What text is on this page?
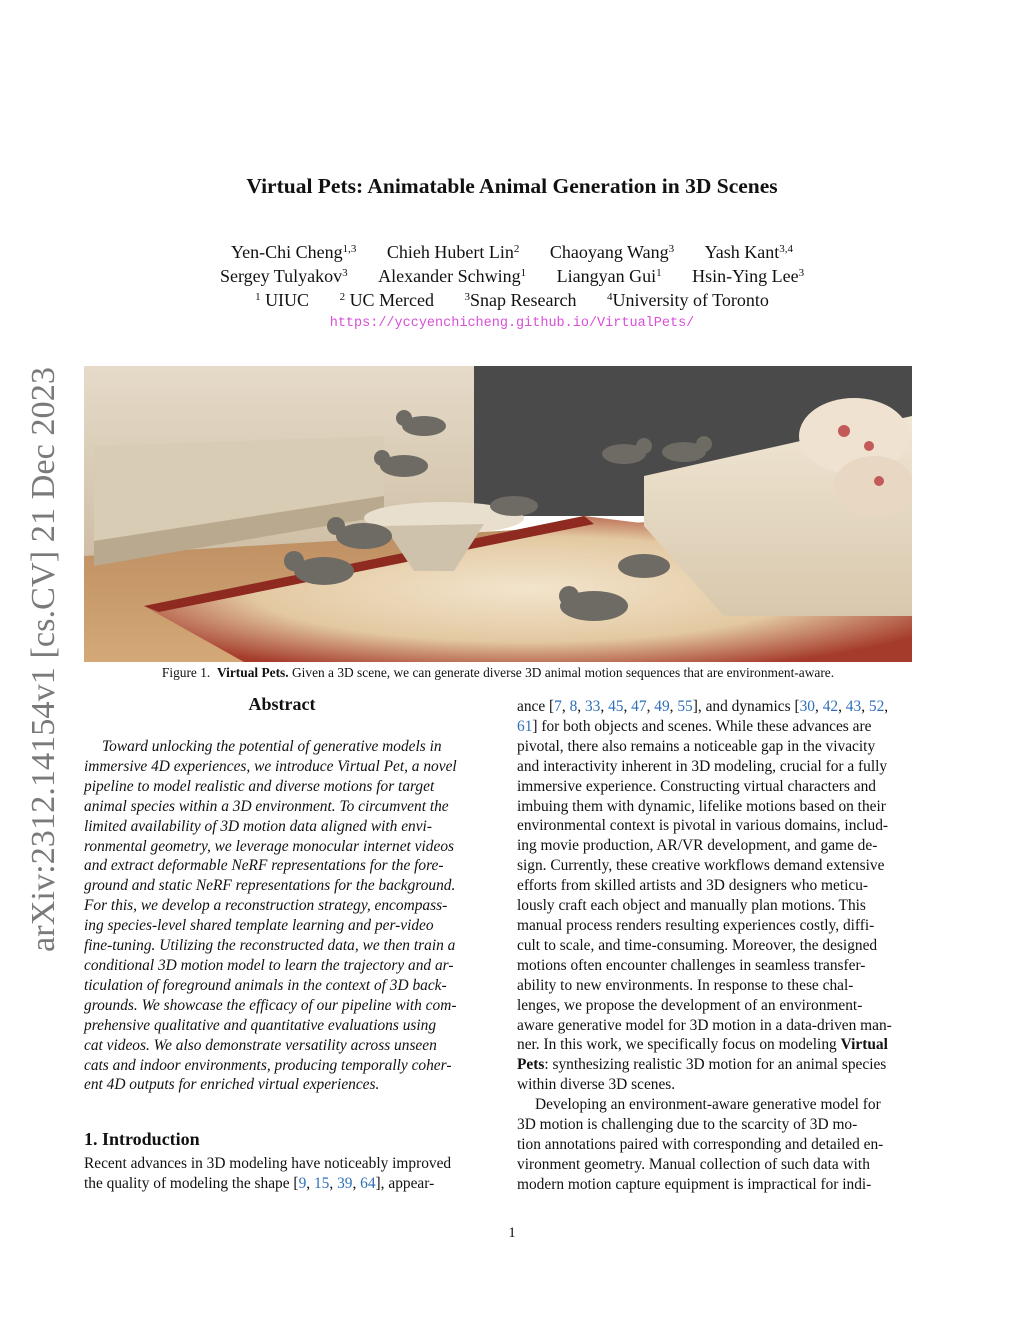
Virtual Pets: Animatable Animal Generation in 3D Scenes
Yen-Chi Cheng$^{1,3}$ Chieh Hubert Lin$^2$ Chaoyang Wang$^3$ Yash Kant$^{3,4}$
Sergey Tulyakov$^3$ Alexander Schwing$^1$ Liangyan Gui$^1$ Hsin-Ying Lee$^3$
$^1$ UIUC	$^2$ UC Merced	$^3$Snap Research	$^4$University of Toronto
https://yccyenchicheng.github.io/VirtualPets/
arXiv:2312.14154v1 [cs.CV] 21 Dec 2023	Figure 1. Virtual Pets. Given a 3D scene, we can generate diverse 3D animal motion sequences that are environment-aware.
Abstract
Toward unlocking the potential of generative models in
immersive 4D experiences, we introduce Virtual Pet, a novel
pipeline to model realistic and diverse motions for target
animal species within a 3D environment. To circumvent the
limited availability of 3D motion data aligned with envi-
ronmental geometry, we leverage monocular internet videos
and extract deformable NeRF representations for the fore-
ground and static NeRF representations for the background.
For this, we develop a reconstruction strategy, encompass-
ing species-level shared template learning and per-video
fine-tuning. Utilizing the reconstructed data, we then train a
conditional 3D motion model to learn the trajectory and ar-
ticulation of foreground animals in the context of 3D back-
grounds. We showcase the efficacy of our pipeline with com-
prehensive qualitative and quantitative evaluations using
cat videos. We also demonstrate versatility across unseen
cats and indoor environments, producing temporally coher-
ent 4D outputs for enriched virtual experiences.
1. Introduction
Recent advances in 3D modeling have noticeably improved
the quality of modeling the shape [9, 15, 39, 64], appear-
ance [7, 8, 33, 45, 47, 49, 55], and dynamics [30, 42, 43, 52,
61] for both objects and scenes. While these advances are
pivotal, there also remains a noticeable gap in the vivacity
and interactivity inherent in 3D modeling, crucial for a fully
immersive experience. Constructing virtual characters and
imbuing them with dynamic, lifelike motions based on their
environmental context is pivotal in various domains, includ-
ing movie production, AR/VR development, and game de-
sign. Currently, these creative workflows demand extensive
efforts from skilled artists and 3D designers who meticu-
lously craft each object and manually plan motions. This
manual process renders resulting experiences costly, diffi-
cult to scale, and time-consuming. Moreover, the designed
motions often encounter challenges in seamless transfer-
ability to new environments. In response to these chal-
lenges, we propose the development of an environment-
aware generative model for 3D motion in a data-driven man-
ner. In this work, we specifically focus on modeling Virtual
Pets: synthesizing realistic 3D motion for an animal species
within diverse 3D scenes.
Developing an environment-aware generative model for
3D motion is challenging due to the scarcity of 3D mo-
tion annotations paired with corresponding and detailed en-
vironment geometry. Manual collection of such data with
modern motion capture equipment is impractical for indi-
1
